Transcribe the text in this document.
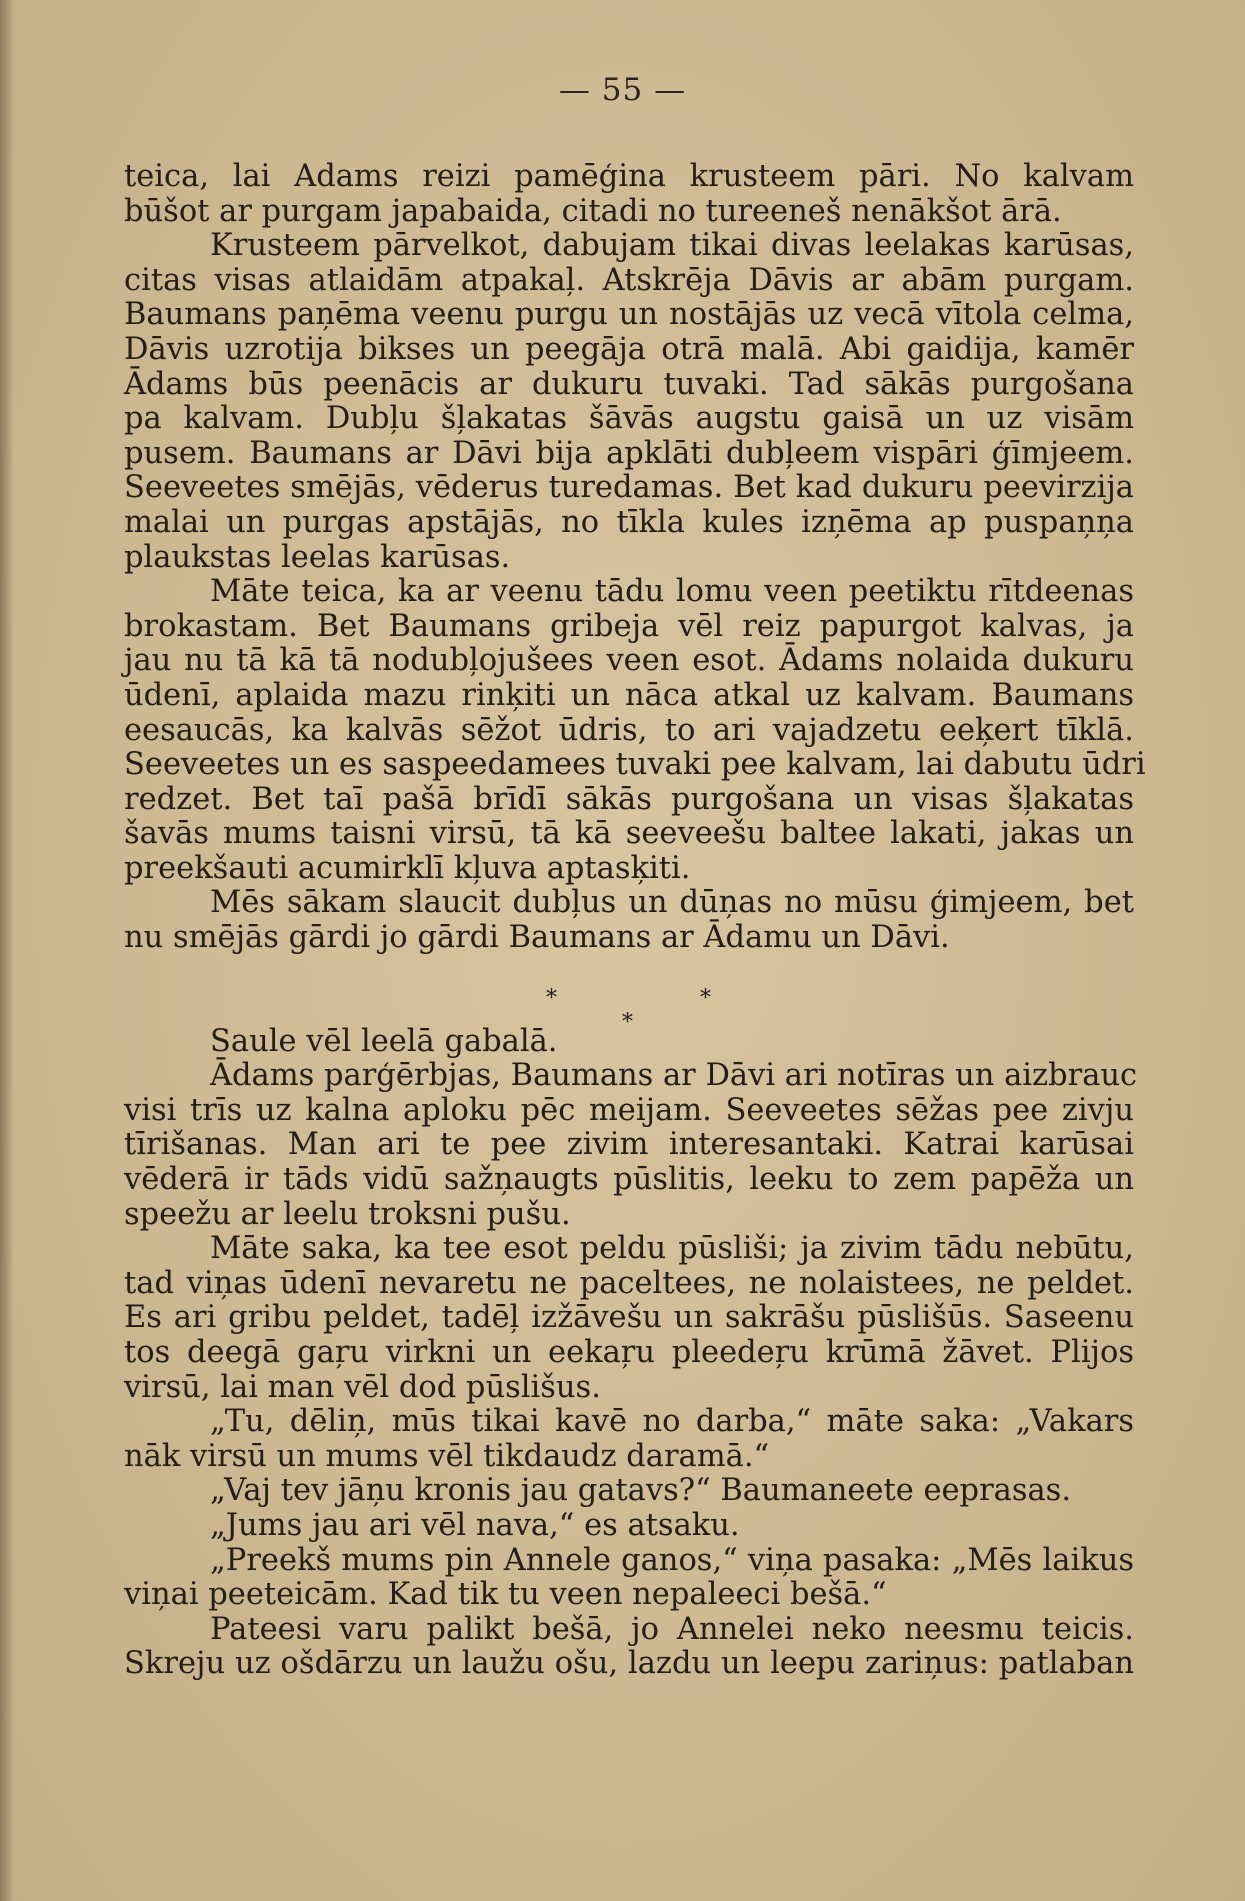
— 55 —
teica, lai Adams reizi pamēģina krusteem pāri. No kalvam
būšot ar purgam japabaida, citadi no tureeneš nenākšot ārā.
Krusteem pārvelkot, dabujam tikai divas leelakas karūsas,
citas visas atlaidām atpakaļ. Atskrēja Dāvis ar abām purgam.
Baumans paņēma veenu purgu un nostājās uz vecā vītola celma,
Dāvis uzrotija bikses un peegāja otrā malā. Abi gaidija, kamēr
Ādams būs peenācis ar dukuru tuvaki. Tad sākās purgošana
pa kalvam. Dubļu šļakatas šāvās augstu gaisā un uz visām
pusem. Baumans ar Dāvi bija apklāti dubļeem vispāri ģīmjeem.
Seeveetes smējās, vēderus turedamas. Bet kad dukuru peevirzija
malai un purgas apstājās, no tīkla kules izņēma ap puspaņņa
plaukstas leelas karūsas.
Māte teica, ka ar veenu tādu lomu veen peetiktu rītdeenas
brokastam. Bet Baumans gribeja vēl reiz papurgot kalvas, ja
jau nu tā kā tā nodubļojušees veen esot. Ādams nolaida dukuru
ūdenī, aplaida mazu rinķiti un nāca atkal uz kalvam. Baumans
eesaucās, ka kalvās sēžot ūdris, to ari vajadzetu eeķert tīklā.
Seeveetes un es saspeedamees tuvaki pee kalvam, lai dabutu ūdri
redzet. Bet taī pašā brīdī sākās purgošana un visas šļakatas
šavās mums taisni virsū, tā kā seeveešu baltee lakati, jakas un
preekšauti acumirklī kļuva aptasķiti.
Mēs sākam slaucit dubļus un dūņas no mūsu ģimjeem, bet
nu smējās gārdi jo gārdi Baumans ar Ādamu un Dāvi.
*	*
*
Saule vēl leelā gabalā.
Ādams parģērbjas, Baumans ar Dāvi ari notīras un aizbrauc
visi trīs uz kalna aploku pēc meijam. Seeveetes sēžas pee zivju
tīrišanas. Man ari te pee zivim interesantaki. Katrai karūsai
vēderā ir tāds vidū sažņaugts pūslitis, leeku to zem papēža un
speežu ar leelu troksni pušu.
Māte saka, ka tee esot peldu pūsliši; ja zivim tādu nebūtu,
tad viņas ūdenī nevaretu ne paceltees, ne nolaistees, ne peldet.
Es ari gribu peldet, tadēļ izžāvešu un sakrāšu pūslišūs. Saseenu
tos deegā gaŗu virkni un eekaŗu pleedeŗu krūmā žāvet. Plijos
virsū, lai man vēl dod pūslišus.
„Tu, dēliņ, mūs tikai kavē no darba,“ māte saka: „Vakars
nāk virsū un mums vēl tikdaudz daramā.“
„Vaj tev jāņu kronis jau gatavs?“ Baumaneete eeprasas.
„Jums jau ari vēl nava,“ es atsaku.
„Preekš mums pin Annele ganos,“ viņa pasaka: „Mēs laikus
viņai peeteicām. Kad tik tu veen nepaleeci bešā.“
Pateesi varu palikt bešā, jo Annelei neko neesmu teicis.
Skreju uz ošdārzu un laužu ošu, lazdu un leepu zariņus: patlaban
